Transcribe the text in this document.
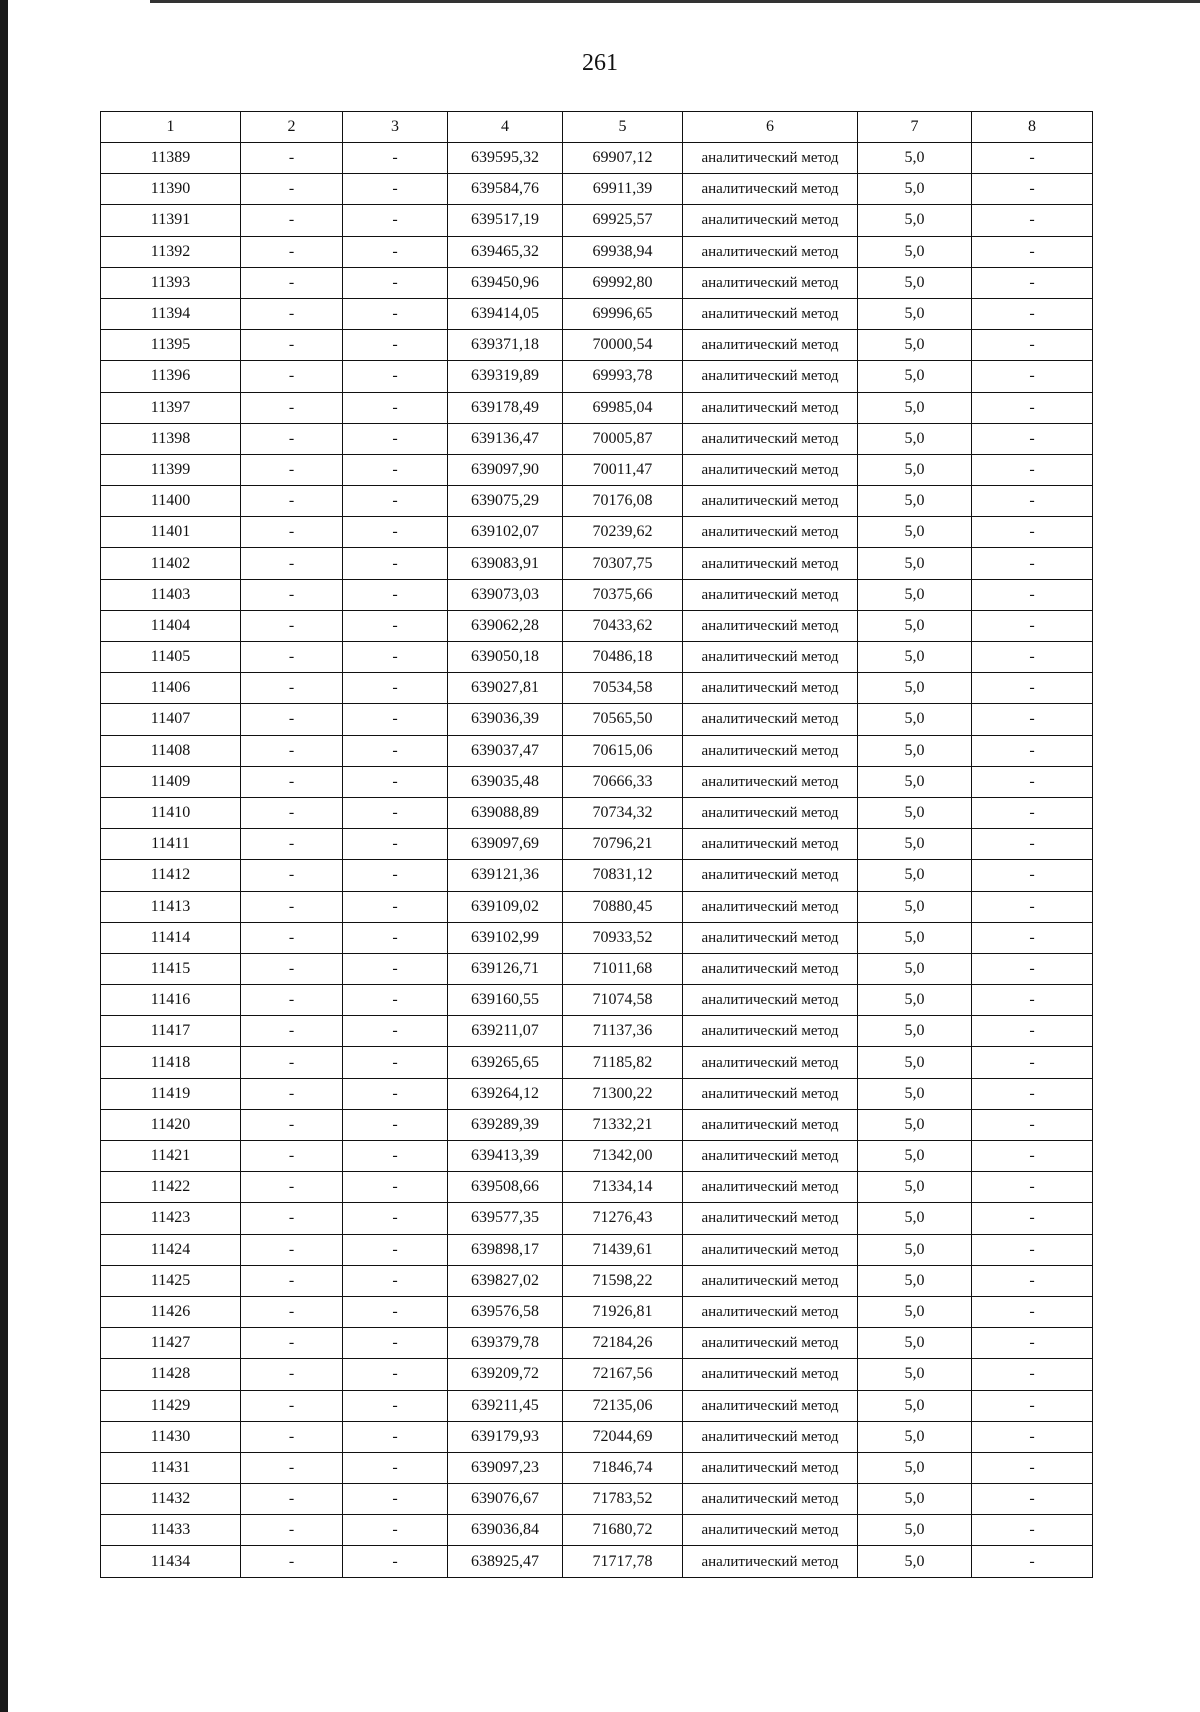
261
1	2	3	4	5	6	7	8
11389	-	-	639595,32	69907,12	аналитический метод	5,0	-
11390	-	-	639584,76	69911,39	аналитический метод	5,0	-
11391	-	-	639517,19	69925,57	аналитический метод	5,0	-
11392	-	-	639465,32	69938,94	аналитический метод	5,0	-
11393	-	-	639450,96	69992,80	аналитический метод	5,0	-
11394	-	-	639414,05	69996,65	аналитический метод	5,0	-
11395	-	-	639371,18	70000,54	аналитический метод	5,0	-
11396	-	-	639319,89	69993,78	аналитический метод	5,0	-
11397	-	-	639178,49	69985,04	аналитический метод	5,0	-
11398	-	-	639136,47	70005,87	аналитический метод	5,0	-
11399	-	-	639097,90	70011,47	аналитический метод	5,0	-
11400	-	-	639075,29	70176,08	аналитический метод	5,0	-
11401	-	-	639102,07	70239,62	аналитический метод	5,0	-
11402	-	-	639083,91	70307,75	аналитический метод	5,0	-
11403	-	-	639073,03	70375,66	аналитический метод	5,0	-
11404	-	-	639062,28	70433,62	аналитический метод	5,0	-
11405	-	-	639050,18	70486,18	аналитический метод	5,0	-
11406	-	-	639027,81	70534,58	аналитический метод	5,0	-
11407	-	-	639036,39	70565,50	аналитический метод	5,0	-
11408	-	-	639037,47	70615,06	аналитический метод	5,0	-
11409	-	-	639035,48	70666,33	аналитический метод	5,0	-
11410	-	-	639088,89	70734,32	аналитический метод	5,0	-
11411	-	-	639097,69	70796,21	аналитический метод	5,0	-
11412	-	-	639121,36	70831,12	аналитический метод	5,0	-
11413	-	-	639109,02	70880,45	аналитический метод	5,0	-
11414	-	-	639102,99	70933,52	аналитический метод	5,0	-
11415	-	-	639126,71	71011,68	аналитический метод	5,0	-
11416	-	-	639160,55	71074,58	аналитический метод	5,0	-
11417	-	-	639211,07	71137,36	аналитический метод	5,0	-
11418	-	-	639265,65	71185,82	аналитический метод	5,0	-
11419	-	-	639264,12	71300,22	аналитический метод	5,0	-
11420	-	-	639289,39	71332,21	аналитический метод	5,0	-
11421	-	-	639413,39	71342,00	аналитический метод	5,0	-
11422	-	-	639508,66	71334,14	аналитический метод	5,0	-
11423	-	-	639577,35	71276,43	аналитический метод	5,0	-
11424	-	-	639898,17	71439,61	аналитический метод	5,0	-
11425	-	-	639827,02	71598,22	аналитический метод	5,0	-
11426	-	-	639576,58	71926,81	аналитический метод	5,0	-
11427	-	-	639379,78	72184,26	аналитический метод	5,0	-
11428	-	-	639209,72	72167,56	аналитический метод	5,0	-
11429	-	-	639211,45	72135,06	аналитический метод	5,0	-
11430	-	-	639179,93	72044,69	аналитический метод	5,0	-
11431	-	-	639097,23	71846,74	аналитический метод	5,0	-
11432	-	-	639076,67	71783,52	аналитический метод	5,0	-
11433	-	-	639036,84	71680,72	аналитический метод	5,0	-
11434	-	-	638925,47	71717,78	аналитический метод	5,0	-
